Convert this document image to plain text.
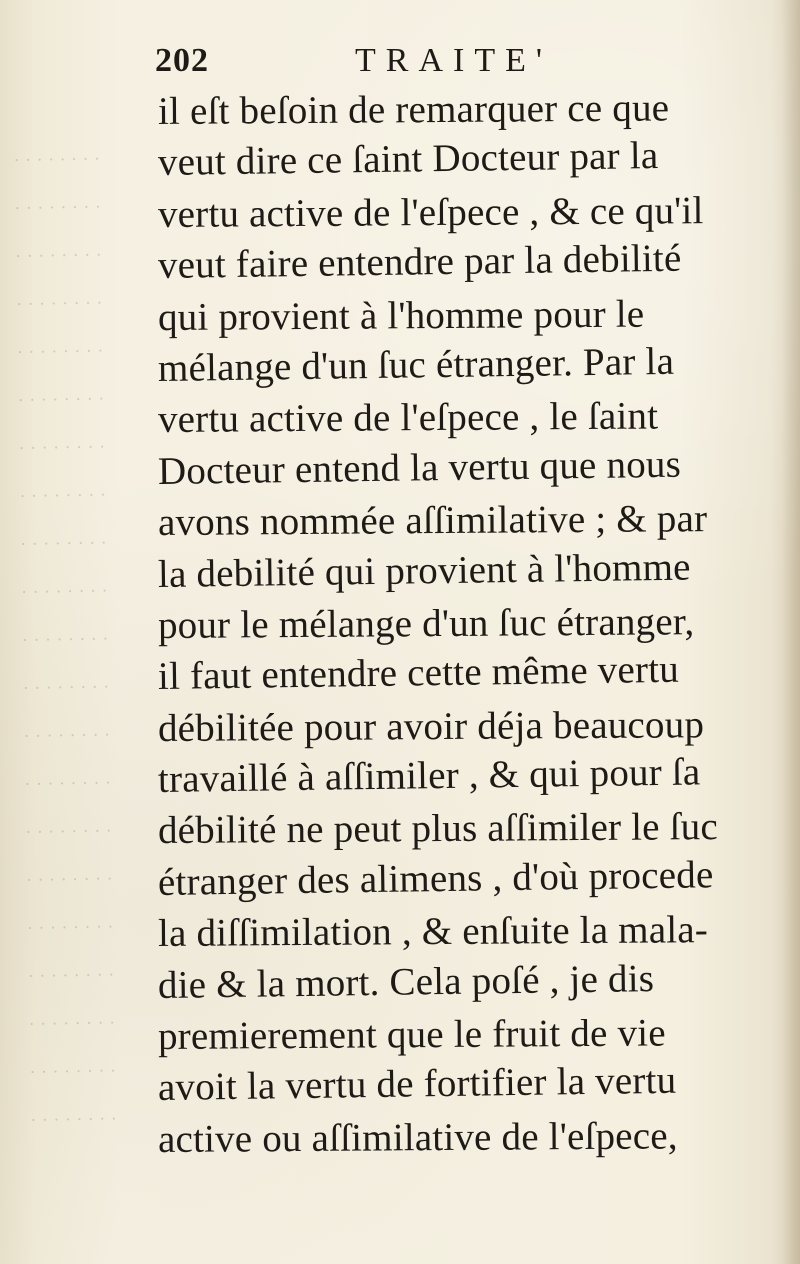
· · · · · · · ·
· · · · · · · ·
· · · · · · · ·
· · · · · · · ·
· · · · · · · ·
· · · · · · · ·
· · · · · · · ·
· · · · · · · ·
· · · · · · · ·
· · · · · · · ·
· · · · · · · ·
· · · · · · · ·
· · · · · · · ·
· · · · · · · ·
· · · · · · · ·
· · · · · · · ·
· · · · · · · ·
· · · · · · · ·
· · · · · · · ·
· · · · · · · ·
· · · · · · · ·
202	TRAITE'
il eſt beſoin de remarquer ce que
veut dire ce ſaint Docteur par la
vertu active de l'eſpece , & ce qu'il
veut faire entendre par la debilité
qui provient à l'homme pour le
mélange d'un ſuc étranger. Par la
vertu active de l'eſpece , le ſaint
Docteur entend la vertu que nous
avons nommée aſſimilative ; & par
la debilité qui provient à l'homme
pour le mélange d'un ſuc étranger,
il faut entendre cette même vertu
débilitée pour avoir déja beaucoup
travaillé à aſſimiler , & qui pour ſa
débilité ne peut plus aſſimiler le ſuc
étranger des alimens , d'où procede
la diſſimilation , & enſuite la mala-
die & la mort. Cela poſé , je dis
premierement que le fruit de vie
avoit la vertu de fortifier la vertu
active ou aſſimilative de l'eſpece,
